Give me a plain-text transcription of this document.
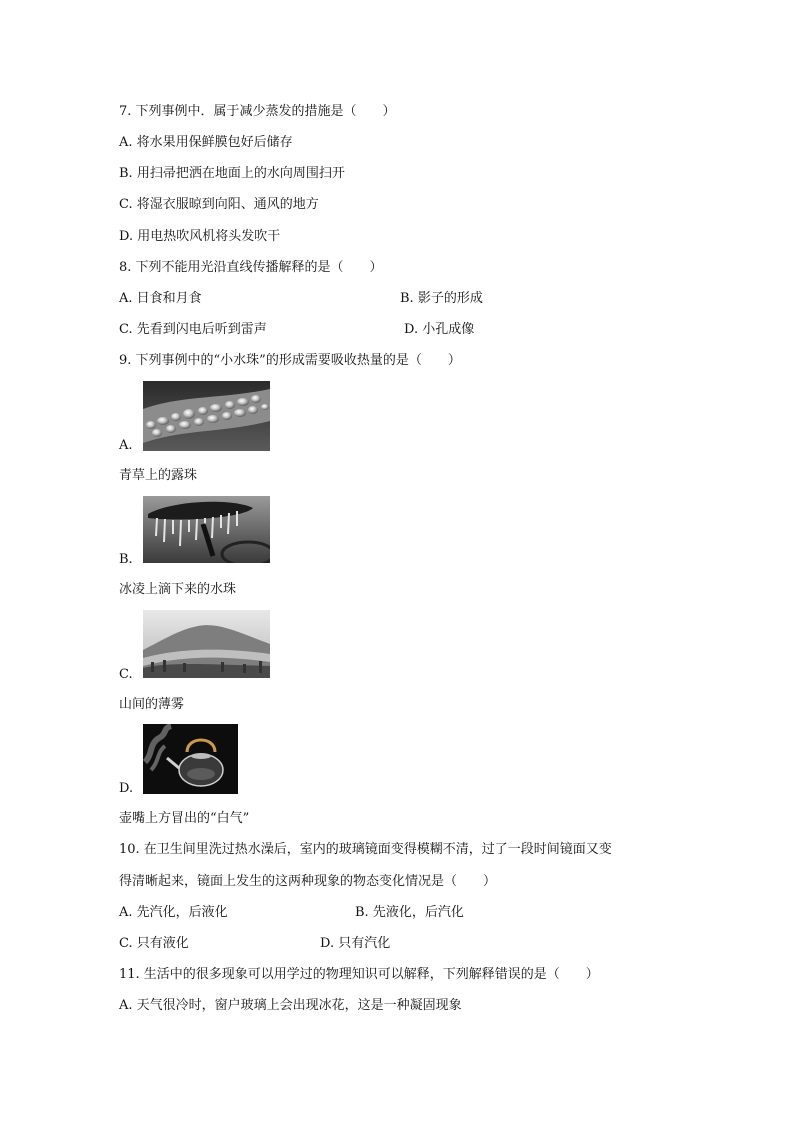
7. 下列事例中．属于减少蒸发的措施是（　　）
A. 将水果用保鲜膜包好后储存
B. 用扫帚把洒在地面上的水向周围扫开
C. 将湿衣服晾到向阳、通风的地方
D. 用电热吹风机将头发吹干
8. 下列不能用光沿直线传播解释的是（　　）
A. 日食和月食	B. 影子的形成
C. 先看到闪电后听到雷声	D. 小孔成像
9. 下列事例中的“小水珠”的形成需要吸收热量的是（　　）
A.
青草上的露珠
B.
冰凌上滴下来的水珠
C.
山间的薄雾
D.
壶嘴上方冒出的“白气”
10. 在卫生间里洗过热水澡后，室内的玻璃镜面变得模糊不清，过了一段时间镜面又变
得清晰起来，镜面上发生的这两种现象的物态变化情况是（　　）
A. 先汽化，后液化	B. 先液化，后汽化
C. 只有液化	D. 只有汽化
11. 生活中的很多现象可以用学过的物理知识可以解释，下列解释错误的是（　　）
A. 天气很冷时，窗户玻璃上会出现冰花，这是一种凝固现象
